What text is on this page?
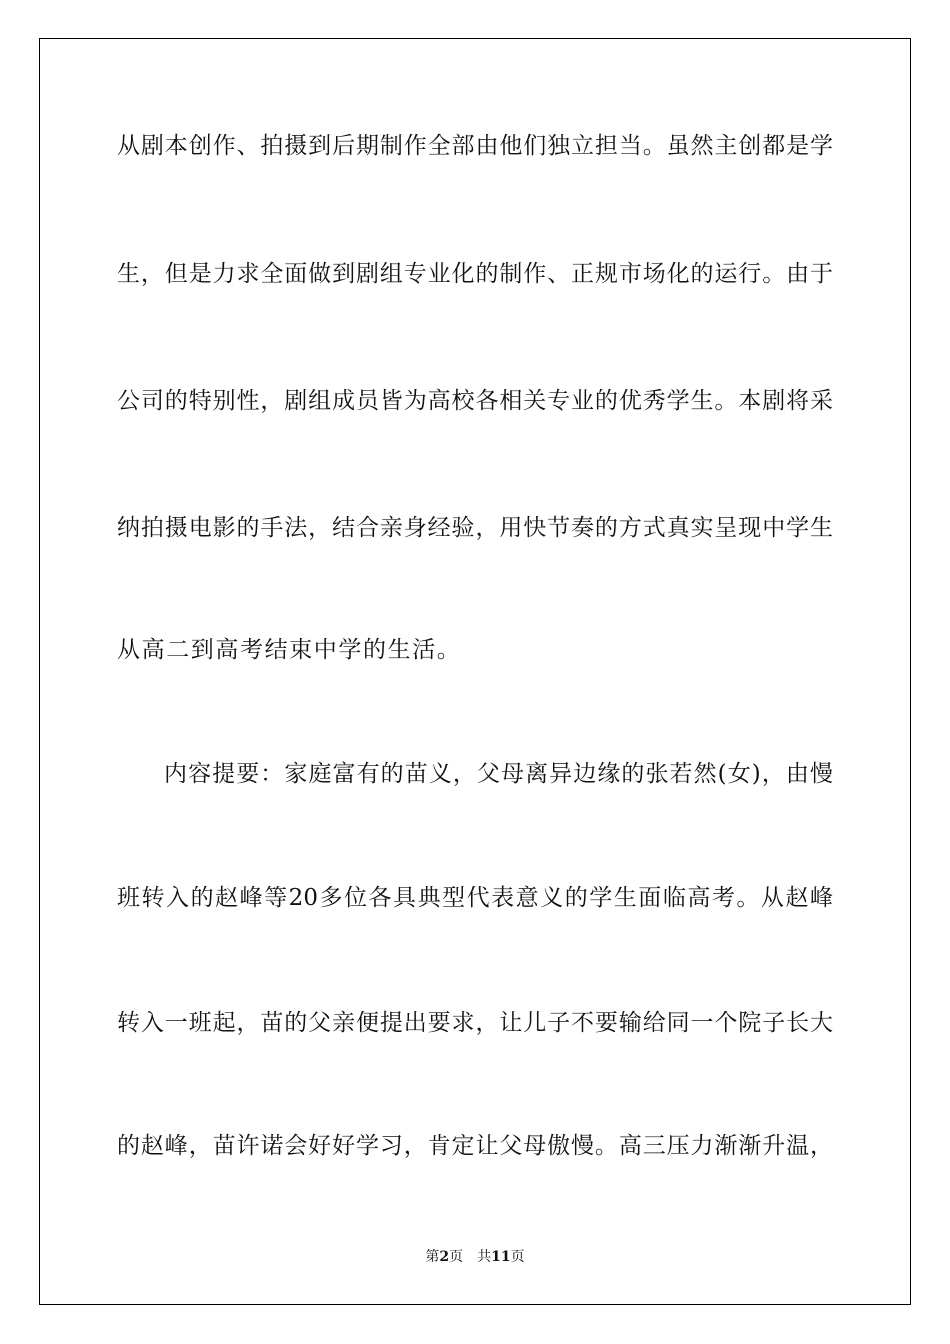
从剧本创作、拍摄到后期制作全部由他们独立担当。虽然主创都是学
生，但是力求全面做到剧组专业化的制作、正规市场化的运行。由于
公司的特别性，剧组成员皆为高校各相关专业的优秀学生。本剧将采
纳拍摄电影的手法，结合亲身经验，用快节奏的方式真实呈现中学生
从高二到高考结束中学的生活。
内容提要：家庭富有的苗义，父母离异边缘的张若然(女)，由慢
班转入的赵峰等20多位各具典型代表意义的学生面临高考。从赵峰
转入一班起，苗的父亲便提出要求，让儿子不要输给同一个院子长大
的赵峰，苗许诺会好好学习，肯定让父母傲慢。高三压力渐渐升温，
第2页 共11页
